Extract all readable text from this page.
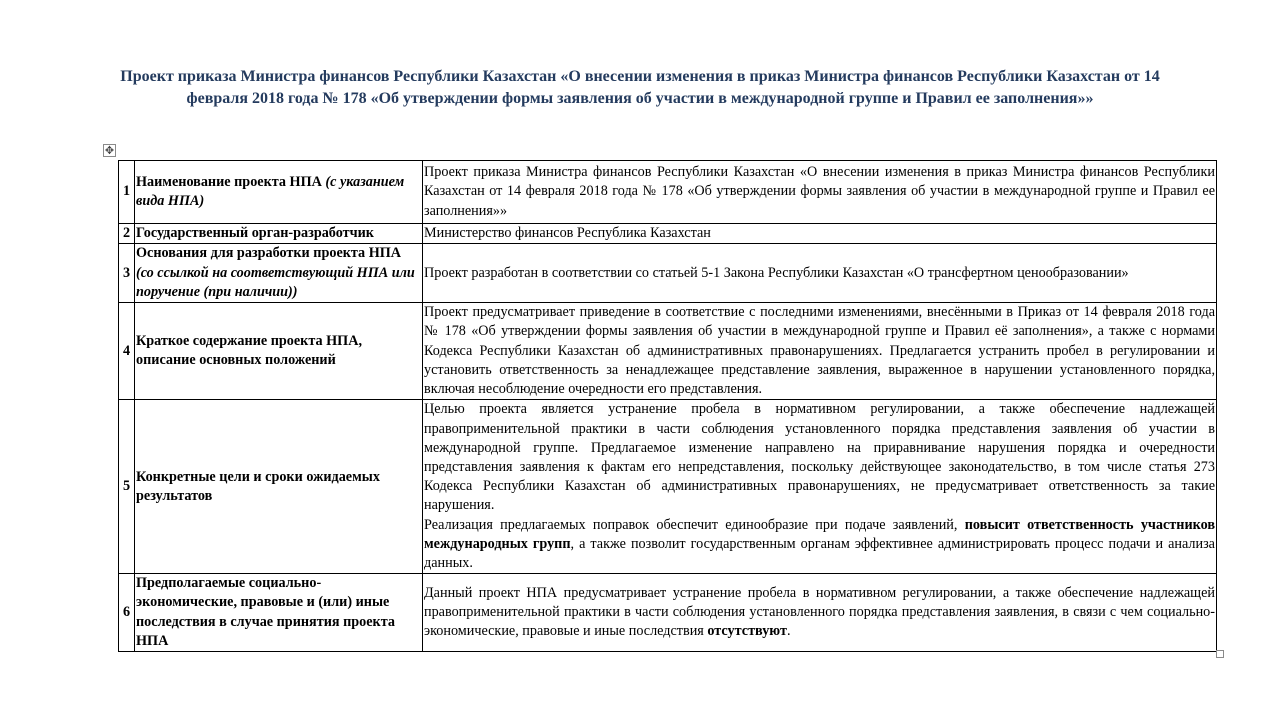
Проект приказа Министра финансов Республики Казахстан «О внесении изменения в приказ Министра финансов Республики Казахстан от 14 февраля 2018 года № 178 «Об утверждении формы заявления об участии в международной группе и Правил ее заполнения»»
✥
1	Наименование проекта НПА (с указанием вида НПА)	Проект приказа Министра финансов Республики Казахстан «О внесении изменения в приказ Министра финансов Республики Казахстан от 14 февраля 2018 года № 178 «Об утверждении формы заявления об участии в международной группе и Правил ее заполнения»»
2	Государственный орган-разработчик	Министерство финансов Республика Казахстан
3	Основания для разработки проекта НПА (со ссылкой на соответствующий НПА или поручение (при наличии))	Проект разработан в соответствии со статьей 5-1 Закона Республики Казахстан «О трансфертном ценообразовании»
4	Краткое содержание проекта НПА, описание основных положений	Проект предусматривает приведение в соответствие с последними изменениями, внесёнными в Приказ от 14 февраля 2018 года № 178 «Об утверждении формы заявления об участии в международной группе и Правил её заполнения», а также с нормами Кодекса Республики Казахстан об административных правонарушениях. Предлагается устранить пробел в регулировании и установить ответственность за ненадлежащее представление заявления, выраженное в нарушении установленного порядка, включая несоблюдение очередности его представления.
5	Конкретные цели и сроки ожидаемых результатов	Целью проекта является устранение пробела в нормативном регулировании, а также обеспечение надлежащей правоприменительной практики в части соблюдения установленного порядка представления заявления об участии в международной группе. Предлагаемое изменение направлено на приравнивание нарушения порядка и очередности представления заявления к фактам его непредставления, поскольку действующее законодательство, в том числе статья 273 Кодекса Республики Казахстан об административных правонарушениях, не предусматривает ответственность за такие нарушения.
Реализация предлагаемых поправок обеспечит единообразие при подаче заявлений, повысит ответственность участников международных групп, а также позволит государственным органам эффективнее администрировать процесс подачи и анализа данных.

6	Предполагаемые социально-экономические, правовые и (или) иные последствия в случае принятия проекта НПА	Данный проект НПА предусматривает устранение пробела в нормативном регулировании, а также обеспечение надлежащей правоприменительной практики в части соблюдения установленного порядка представления заявления, в связи с чем социально-экономические, правовые и иные последствия отсутствуют.
